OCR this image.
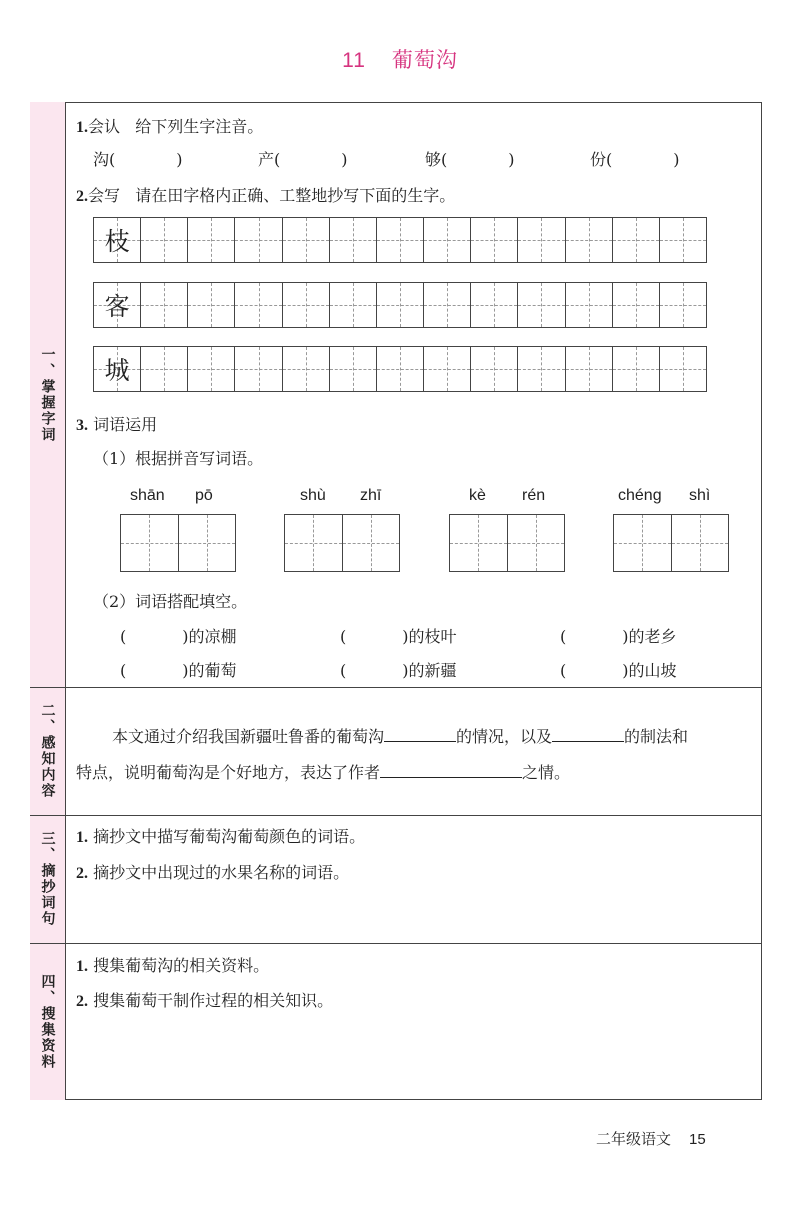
11 葡萄沟
一、掌握字词
二、感知内容
三、摘抄词句
四、搜集资料
1.会认 给下列生字注音。
沟(            )	产(            )	够(            )	份(            )
2.会写 请在田字格内正确、工整地抄写下面的生字。
枝
客
城
3. 词语运用
（1）根据拼音写词语。
shān pō	shù zhī	kè rén	chéng shì
（2）词语搭配填空。
(           )的凉棚	(           )的枝叶	(           )的老乡
(           )的葡萄	(           )的新疆	(           )的山坡
本文通过介绍我国新疆吐鲁番的葡萄沟	的情况，以及	的制法和
特点，说明葡萄沟是个好地方，表达了作者	之情。
1. 摘抄文中描写葡萄沟葡萄颜色的词语。
2. 摘抄文中出现过的水果名称的词语。
1. 搜集葡萄沟的相关资料。
2. 搜集葡萄干制作过程的相关知识。
二年级语文 15
